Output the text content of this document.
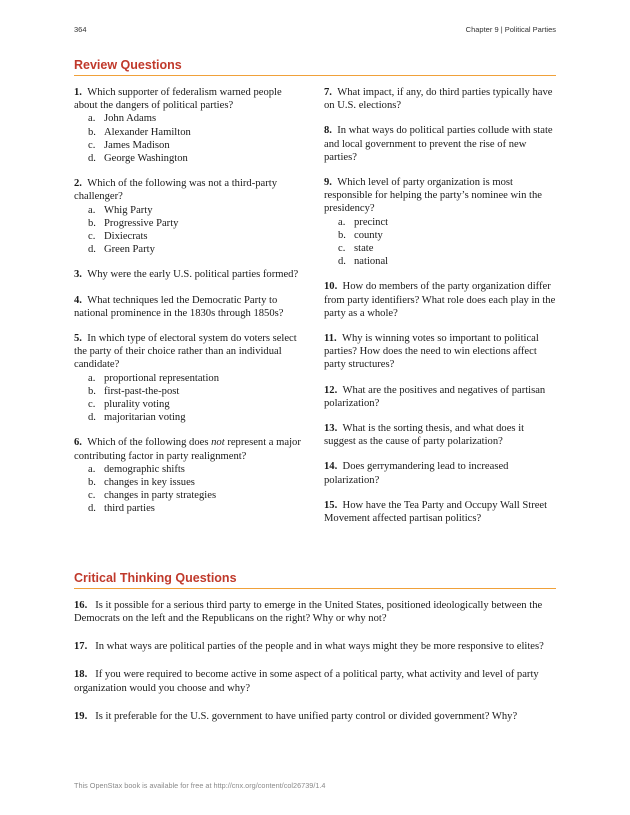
364	Chapter 9 | Political Parties
Review Questions
1. Which supporter of federalism warned people about the dangers of political parties?
a. John Adams
b. Alexander Hamilton
c. James Madison
d. George Washington
2. Which of the following was not a third-party challenger?
a. Whig Party
b. Progressive Party
c. Dixiecrats
d. Green Party
3. Why were the early U.S. political parties formed?
4. What techniques led the Democratic Party to national prominence in the 1830s through 1850s?
5. In which type of electoral system do voters select the party of their choice rather than an individual candidate?
a. proportional representation
b. first-past-the-post
c. plurality voting
d. majoritarian voting
6. Which of the following does not represent a major contributing factor in party realignment?
a. demographic shifts
b. changes in key issues
c. changes in party strategies
d. third parties
7. What impact, if any, do third parties typically have on U.S. elections?
8. In what ways do political parties collude with state and local government to prevent the rise of new parties?
9. Which level of party organization is most responsible for helping the party’s nominee win the presidency?
a. precinct
b. county
c. state
d. national
10. How do members of the party organization differ from party identifiers? What role does each play in the party as a whole?
11. Why is winning votes so important to political parties? How does the need to win elections affect party structures?
12. What are the positives and negatives of partisan polarization?
13. What is the sorting thesis, and what does it suggest as the cause of party polarization?
14. Does gerrymandering lead to increased polarization?
15. How have the Tea Party and Occupy Wall Street Movement affected partisan politics?
Critical Thinking Questions
16. Is it possible for a serious third party to emerge in the United States, positioned ideologically between the Democrats on the left and the Republicans on the right? Why or why not?
17. In what ways are political parties of the people and in what ways might they be more responsive to elites?
18. If you were required to become active in some aspect of a political party, what activity and level of party organization would you choose and why?
19. Is it preferable for the U.S. government to have unified party control or divided government? Why?
This OpenStax book is available for free at http://cnx.org/content/col26739/1.4
